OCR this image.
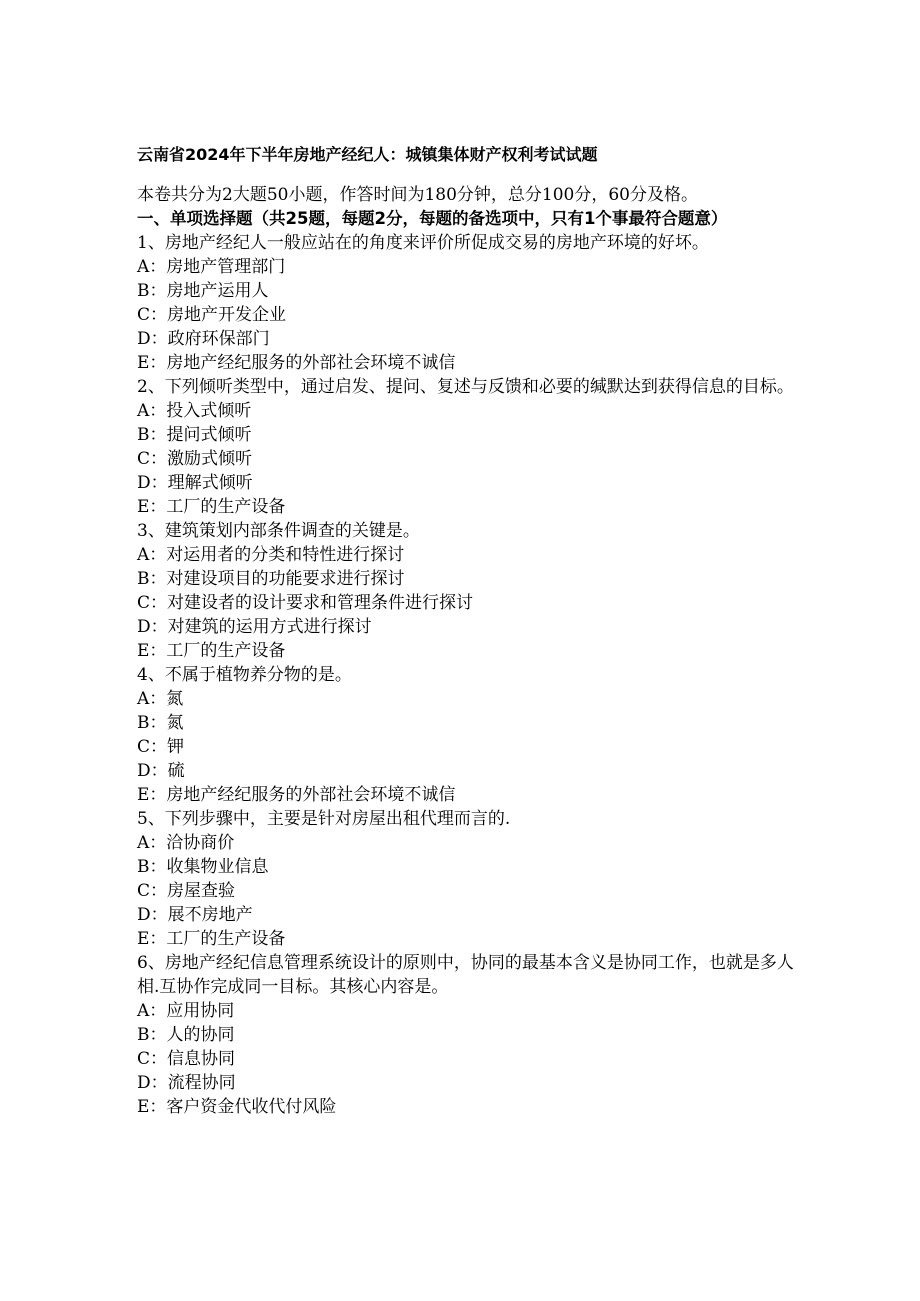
云南省2024年下半年房地产经纪人：城镇集体财产权利考试试题

本卷共分为2大题50小题，作答时间为180分钟，总分100分，60分及格。

一、单项选择题（共25题，每题2分，每题的备选项中，只有1个事最符合题意）

1、房地产经纪人一般应站在的角度来评价所促成交易的房地产环境的好坏。

A：房地产管理部门

B：房地产运用人

C：房地产开发企业

D：政府环保部门

E：房地产经纪服务的外部社会环境不诚信

2、下列倾听类型中，通过启发、提问、复述与反馈和必要的缄默达到获得信息的目标。

A：投入式倾听

B：提问式倾听

C：激励式倾听

D：理解式倾听

E：工厂的生产设备

3、建筑策划内部条件调查的关键是。

A：对运用者的分类和特性进行探讨

B：对建设项目的功能要求进行探讨

C：对建设者的设计要求和管理条件进行探讨

D：对建筑的运用方式进行探讨

E：工厂的生产设备

4、不属于植物养分物的是。

A：氮

B：氮

C：钾

D：硫

E：房地产经纪服务的外部社会环境不诚信

5、下列步骤中，主要是针对房屋出租代理而言的.

A：洽协商价

B：收集物业信息

C：房屋查验

D：展不房地产

E：工厂的生产设备

6、房地产经纪信息管理系统设计的原则中，协同的最基本含义是协同工作，也就是多人相.互协作完成同一目标。其核心内容是。

A：应用协同

B：人的协同

C：信息协同

D：流程协同

E：客户资金代收代付风险
